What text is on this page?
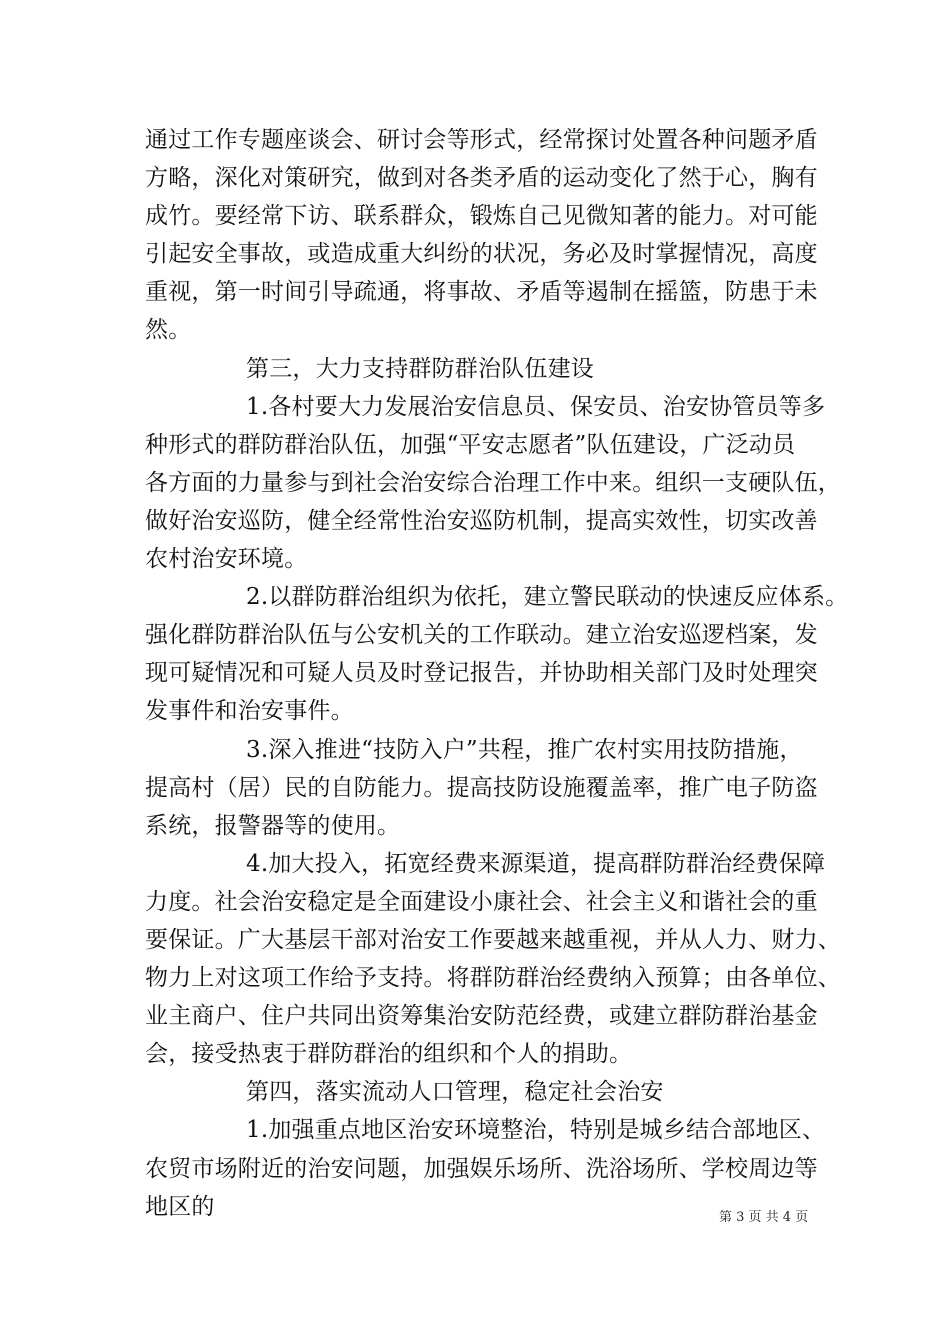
通过工作专题座谈会、研讨会等形式，经常探讨处置各种问题矛盾
方略，深化对策研究，做到对各类矛盾的运动变化了然于心，胸有
成竹。要经常下访、联系群众，锻炼自己见微知著的能力。对可能
引起安全事故，或造成重大纠纷的状况，务必及时掌握情况，高度
重视，第一时间引导疏通，将事故、矛盾等遏制在摇篮，防患于未
然。
第三，大力支持群防群治队伍建设
1.各村要大力发展治安信息员、保安员、治安协管员等多
种形式的群防群治队伍，加强“平安志愿者”队伍建设，广泛动员
各方面的力量参与到社会治安综合治理工作中来。组织一支硬队伍，
做好治安巡防，健全经常性治安巡防机制，提高实效性，切实改善
农村治安环境。
2.以群防群治组织为依托，建立警民联动的快速反应体系。
强化群防群治队伍与公安机关的工作联动。建立治安巡逻档案，发
现可疑情况和可疑人员及时登记报告，并协助相关部门及时处理突
发事件和治安事件。
3.深入推进“技防入户”共程，推广农村实用技防措施，
提高村（居）民的自防能力。提高技防设施覆盖率，推广电子防盗
系统，报警器等的使用。
4.加大投入，拓宽经费来源渠道，提高群防群治经费保障
力度。社会治安稳定是全面建设小康社会、社会主义和谐社会的重
要保证。广大基层干部对治安工作要越来越重视，并从人力、财力、
物力上对这项工作给予支持。将群防群治经费纳入预算；由各单位、
业主商户、住户共同出资筹集治安防范经费，或建立群防群治基金
会，接受热衷于群防群治的组织和个人的捐助。
第四，落实流动人口管理，稳定社会治安
1.加强重点地区治安环境整治，特别是城乡结合部地区、
农贸市场附近的治安问题，加强娱乐场所、洗浴场所、学校周边等
地区的	第 3 页 共 4 页
